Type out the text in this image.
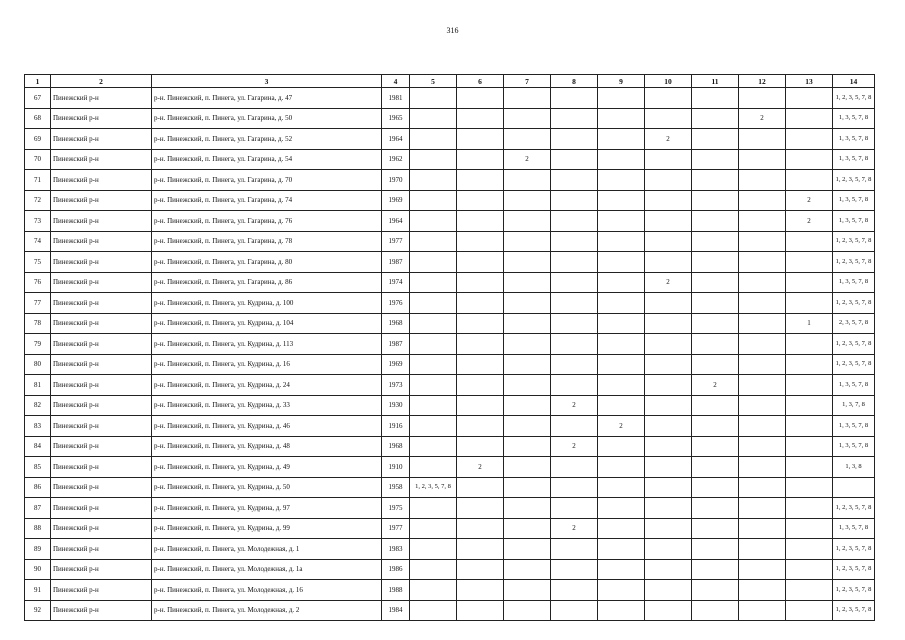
316
1	2	3	4	5	6	7	8	9	10	11	12	13	14
67	Пинежский р-н	р-н. Пинежский, п. Пинега, ул. Гагарина, д. 47	1981										1, 2, 3, 5, 7, 8
68	Пинежский р-н	р-н. Пинежский, п. Пинега, ул. Гагарина, д. 50	1965								2		1, 3, 5, 7, 8
69	Пинежский р-н	р-н. Пинежский, п. Пинега, ул. Гагарина, д. 52	1964						2				1, 3, 5, 7, 8
70	Пинежский р-н	р-н. Пинежский, п. Пинега, ул. Гагарина, д. 54	1962			2							1, 3, 5, 7, 8
71	Пинежский р-н	р-н. Пинежский, п. Пинега, ул. Гагарина, д. 70	1970										1, 2, 3, 5, 7, 8
72	Пинежский р-н	р-н. Пинежский, п. Пинега, ул. Гагарина, д. 74	1969									2	1, 3, 5, 7, 8
73	Пинежский р-н	р-н. Пинежский, п. Пинега, ул. Гагарина, д. 76	1964									2	1, 3, 5, 7, 8
74	Пинежский р-н	р-н. Пинежский, п. Пинега, ул. Гагарина, д. 78	1977										1, 2, 3, 5, 7, 8
75	Пинежский р-н	р-н. Пинежский, п. Пинега, ул. Гагарина, д. 80	1987										1, 2, 3, 5, 7, 8
76	Пинежский р-н	р-н. Пинежский, п. Пинега, ул. Гагарина, д. 86	1974						2				1, 3, 5, 7, 8
77	Пинежский р-н	р-н. Пинежский, п. Пинега, ул. Кудрина, д. 100	1976										1, 2, 3, 5, 7, 8
78	Пинежский р-н	р-н. Пинежский, п. Пинега, ул. Кудрина, д. 104	1968									1	2, 3, 5, 7, 8
79	Пинежский р-н	р-н. Пинежский, п. Пинега, ул. Кудрина, д. 113	1987										1, 2, 3, 5, 7, 8
80	Пинежский р-н	р-н. Пинежский, п. Пинега, ул. Кудрина, д. 16	1969										1, 2, 3, 5, 7, 8
81	Пинежский р-н	р-н. Пинежский, п. Пинега, ул. Кудрина, д. 24	1973							2			1, 3, 5, 7, 8
82	Пинежский р-н	р-н. Пинежский, п. Пинега, ул. Кудрина, д. 33	1930				2						1, 3, 7, 8
83	Пинежский р-н	р-н. Пинежский, п. Пинега, ул. Кудрина, д. 46	1916					2					1, 3, 5, 7, 8
84	Пинежский р-н	р-н. Пинежский, п. Пинега, ул. Кудрина, д. 48	1968				2						1, 3, 5, 7, 8
85	Пинежский р-н	р-н. Пинежский, п. Пинега, ул. Кудрина, д. 49	1910		2								1, 3, 8
86	Пинежский р-н	р-н. Пинежский, п. Пинега, ул. Кудрина, д. 50	1958	1, 2, 3, 5, 7, 8									
87	Пинежский р-н	р-н. Пинежский, п. Пинега, ул. Кудрина, д. 97	1975										1, 2, 3, 5, 7, 8
88	Пинежский р-н	р-н. Пинежский, п. Пинега, ул. Кудрина, д. 99	1977				2						1, 3, 5, 7, 8
89	Пинежский р-н	р-н. Пинежский, п. Пинега, ул. Молодежная, д. 1	1983										1, 2, 3, 5, 7, 8
90	Пинежский р-н	р-н. Пинежский, п. Пинега, ул. Молодежная, д. 1а	1986										1, 2, 3, 5, 7, 8
91	Пинежский р-н	р-н. Пинежский, п. Пинега, ул. Молодежная, д. 16	1988										1, 2, 3, 5, 7, 8
92	Пинежский р-н	р-н. Пинежский, п. Пинега, ул. Молодежная, д. 2	1984										1, 2, 3, 5, 7, 8
